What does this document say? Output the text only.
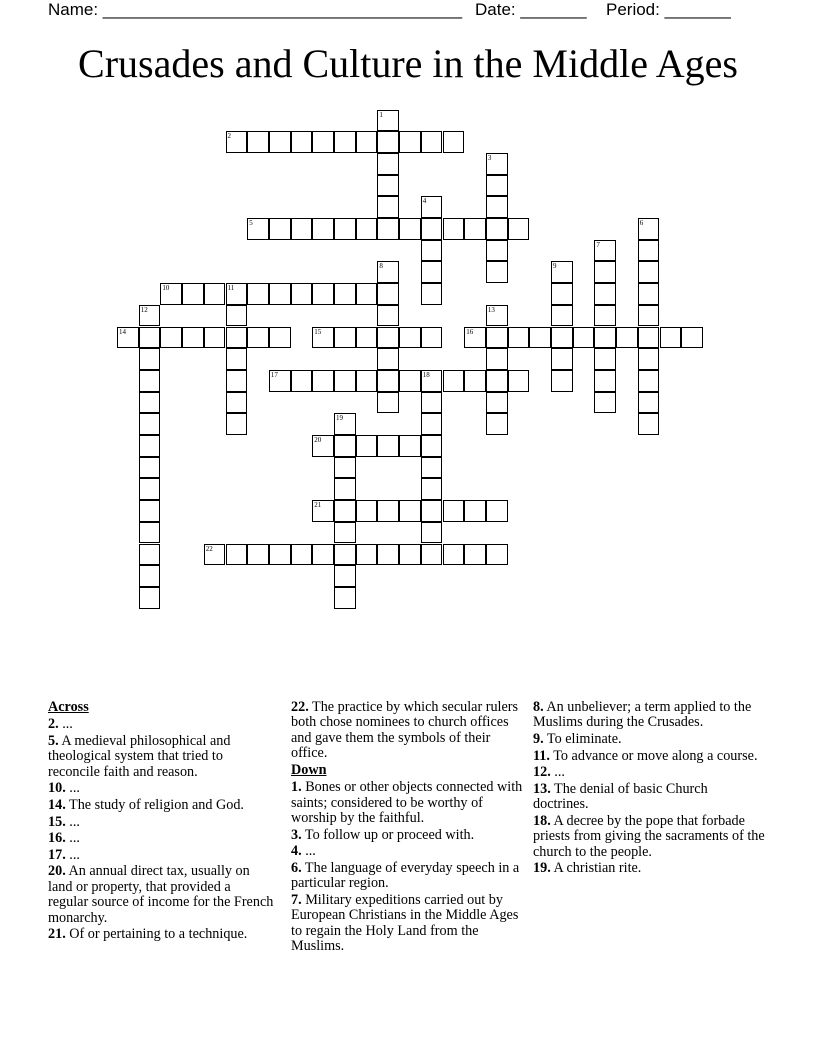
Name: ______________________________________ Date: _______ Period: _______
Crusades and Culture in the Middle Ages
1
2
3
4
5	6
7
8	9
10	11
12	13
14	15	16
17	18
19
20
21
22
Across
2. ...
5. A medieval philosophical and theological system that tried to reconcile faith and reason.
10. ...
14. The study of religion and God.
15. ...
16. ...
17. ...
20. An annual direct tax, usually on land or property, that provided a regular source of income for the French monarchy.
21. Of or pertaining to a technique.
22. The practice by which secular rulers both chose nominees to church offices and gave them the symbols of their office.
Down
1. Bones or other objects connected with saints; considered to be worthy of worship by the faithful.
3. To follow up or proceed with.
4. ...
6. The language of everyday speech in a particular region.
7. Military expeditions carried out by European Christians in the Middle Ages to regain the Holy Land from the Muslims.
8. An unbeliever; a term applied to the Muslims during the Crusades.
9. To eliminate.
11. To advance or move along a course.
12. ...
13. The denial of basic Church doctrines.
18. A decree by the pope that forbade priests from giving the sacraments of the church to the people.
19. A christian rite.
